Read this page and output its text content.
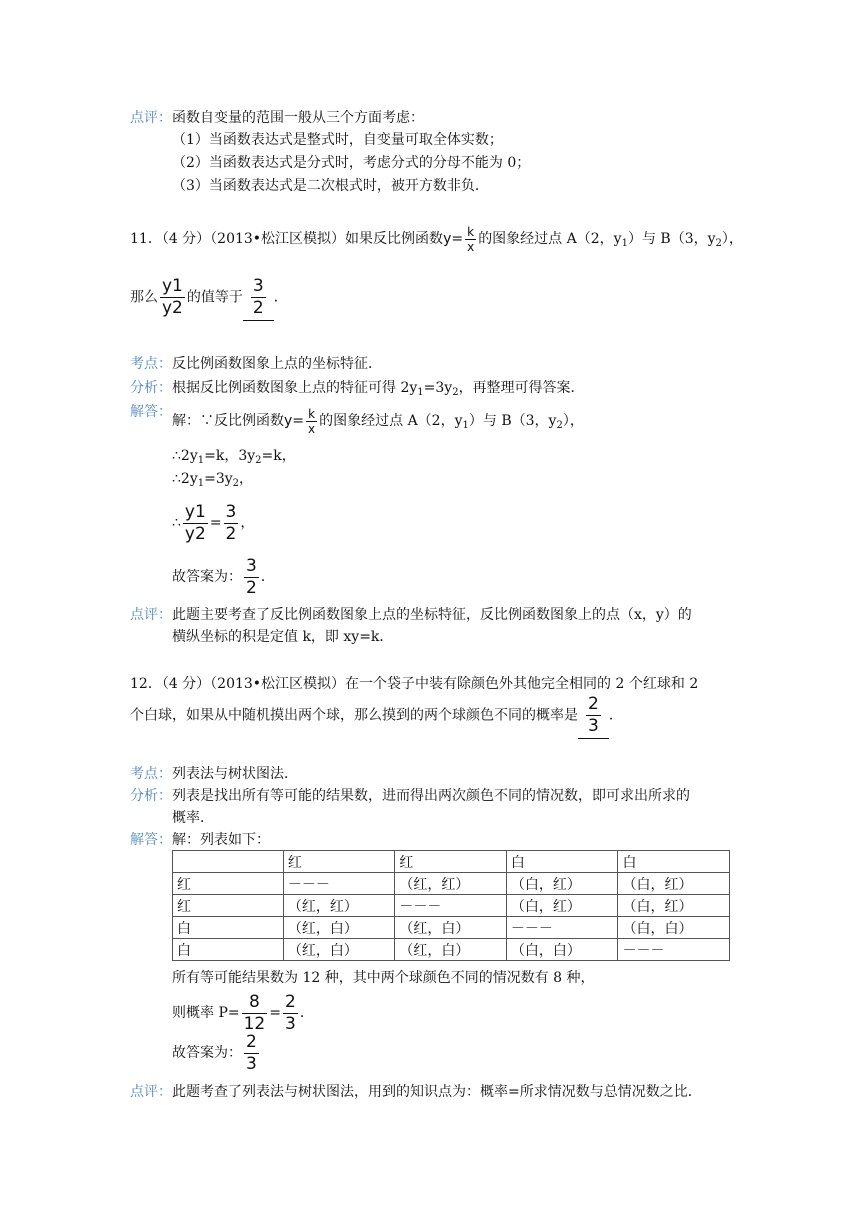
点评：函数自变量的范围一般从三个方面考虑：
（1）当函数表达式是整式时，自变量可取全体实数；
（2）当函数表达式是分式时，考虑分式的分母不能为 0；
（3）当函数表达式是二次根式时，被开方数非负．
11．（4 分）（2013•松江区模拟）如果反比例函数$y= \frac{k}{x}$ 的图象经过点 A（2，$y_1$）与 B（3，$y_2$），
那么 $\frac{y1}{y2}$ 的值等于 $\frac{3}{2}$ ．
考点：反比例函数图象上点的坐标特征．
分析：根据反比例函数图象上点的特征可得 $2y_1=3y_2$，再整理可得答案．
解答：
解：∵反比例函数$y= \frac{k}{x}$ 的图象经过点 A（2，$y_1$）与 B（3，$y_2$），
$\therefore 2y_1=k$，$3y_2=k$，
$\therefore 2y_1=3y_2$，
∴ $\frac{y1}{y2} = \frac{3}{2}$ ，
故答案为： $\frac{3}{2}$ ．
点评：此题主要考查了反比例函数图象上点的坐标特征，反比例函数图象上的点（x，y）的
横纵坐标的积是定值 k，即 xy=k．
12．（4 分）（2013•松江区模拟）在一个袋子中装有除颜色外其他完全相同的 2 个红球和 2
个白球，如果从中随机摸出两个球，那么摸到的两个球颜色不同的概率是 $\frac{2}{3}$ ．
考点：列表法与树状图法．
分析：列表是找出所有等可能的结果数，进而得出两次颜色不同的情况数，即可求出所求的
概率．
解答：解：列表如下：
	红	红	白	白
红	－－－	（红，红）	（白，红）	（白，红）
红	（红，红）	－－－	（白，红）	（白，红）
白	（红，白）	（红，白）	－－－	（白，白）
白	（红，白）	（红，白）	（白，白）	－－－
所有等可能结果数为 12 种，其中两个球颜色不同的情况数有 8 种，
则概率 $P= \frac{8}{12} = \frac{2}{3}$ ．
故答案为： $\frac{2}{3}$
点评：此题考查了列表法与树状图法，用到的知识点为：概率=所求情况数与总情况数之比．
